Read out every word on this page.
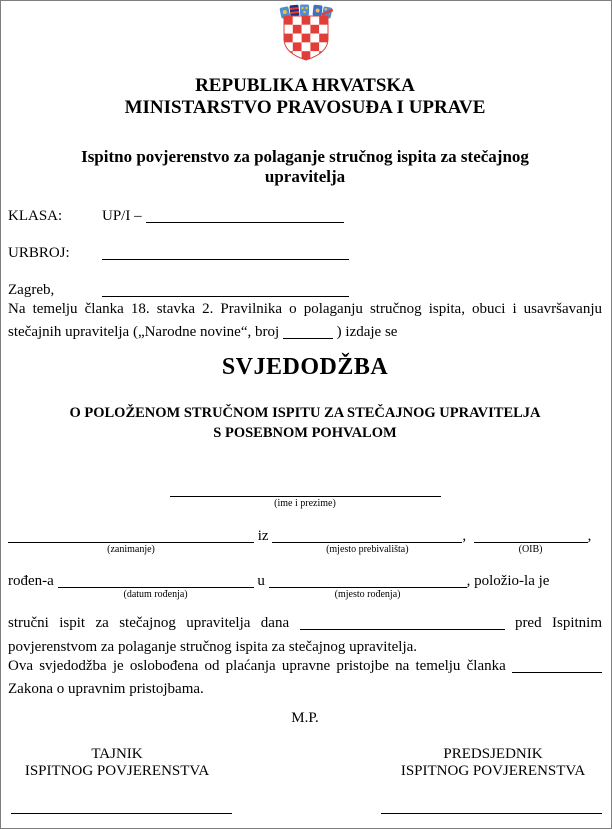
REPUBLIKA HRVATSKA
MINISTARSTVO PRAVOSUĐA I UPRAVE
Ispitno povjerenstvo za polaganje stručnog ispita za stečajnog
upravitelja
KLASA:	UP/I –
URBROJ:
Zagreb,
Na temelju članka 18. stavka 2. Pravilnika o polaganju stručnog ispita, obuci i usavršavanju stečajnih upravitelja („Narodne novine“, broj	) izdaje se
SVJEDODŽBA
O POLOŽENOM STRUČNOM ISPITU ZA STEČAJNOG UPRAVITELJA
S POSEBNOM POHVALOM
(ime i prezime)
(zanimanje)

iz

(mjesto prebivališta)
,

(OIB)
,
rođen-a

(datum rođenja)

u

(mjesto rođenja)
, položio-la je
stručni ispit za stečajnog upravitelja dana	pred Ispitnim povjerenstvom za polaganje stručnog ispita za stečajnog upravitelja.
Ova svjedodžba je oslobođena od plaćanja upravne pristojbe na temelju članka  Zakona o upravnim pristojbama.
M.P.
TAJNIK
ISPITNOG POVJERENSTVA
PREDSJEDNIK
ISPITNOG POVJERENSTVA
